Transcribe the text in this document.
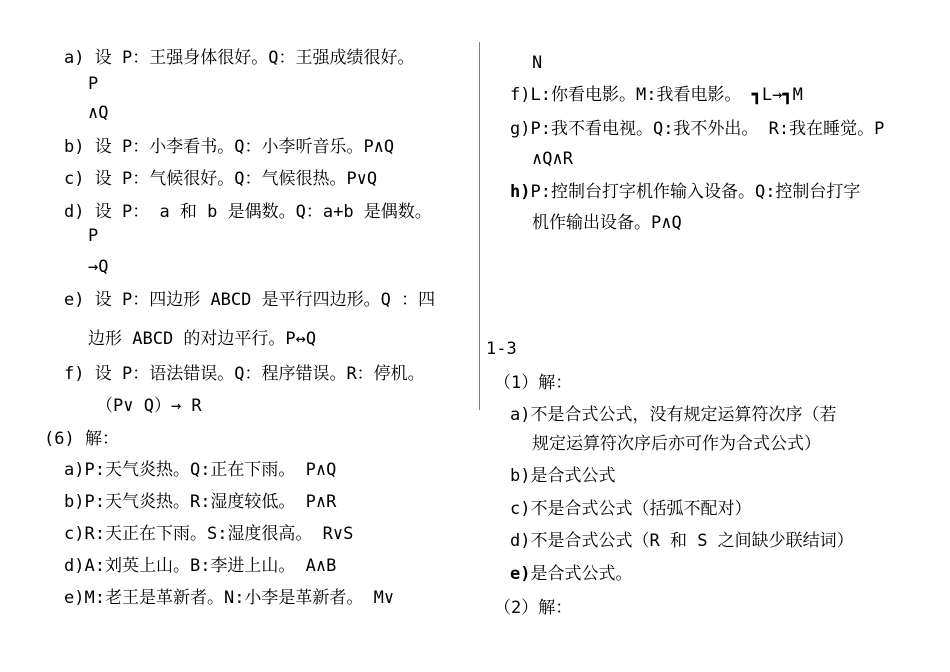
a) 设 P：王强身体很好。Q：王强成绩很好。
P
∧Q
b) 设 P：小李看书。Q：小李听音乐。P∧Q
c) 设 P：气候很好。Q：气候很热。P∨Q
d) 设 P： a 和 b 是偶数。Q：a+b 是偶数。
P
→Q
e) 设 P：四边形 ABCD 是平行四边形。Q ：四
边形 ABCD 的对边平行。P↔Q
f) 设 P：语法错误。Q：程序错误。R：停机。
（P∨ Q）→ R
(6) 解：
a)P:天气炎热。Q:正在下雨。 P∧Q
b)P:天气炎热。R:湿度较低。 P∧R
c)R:天正在下雨。S:湿度很高。 R∨S
d)A:刘英上山。B:李进上山。 A∧B
e)M:老王是革新者。N:小李是革新者。 M∨
N
f)L:你看电影。M:我看电影。 ┓L→┓M
g)P:我不看电视。Q:我不外出。 R:我在睡觉。P
∧Q∧R
h)P:控制台打字机作输入设备。Q:控制台打字
机作输出设备。P∧Q
1-3
（1）解：
a)不是合式公式，没有规定运算符次序（若
规定运算符次序后亦可作为合式公式）
b)是合式公式
c)不是合式公式（括弧不配对）
d)不是合式公式（R 和 S 之间缺少联结词）
e)是合式公式。
（2）解：
